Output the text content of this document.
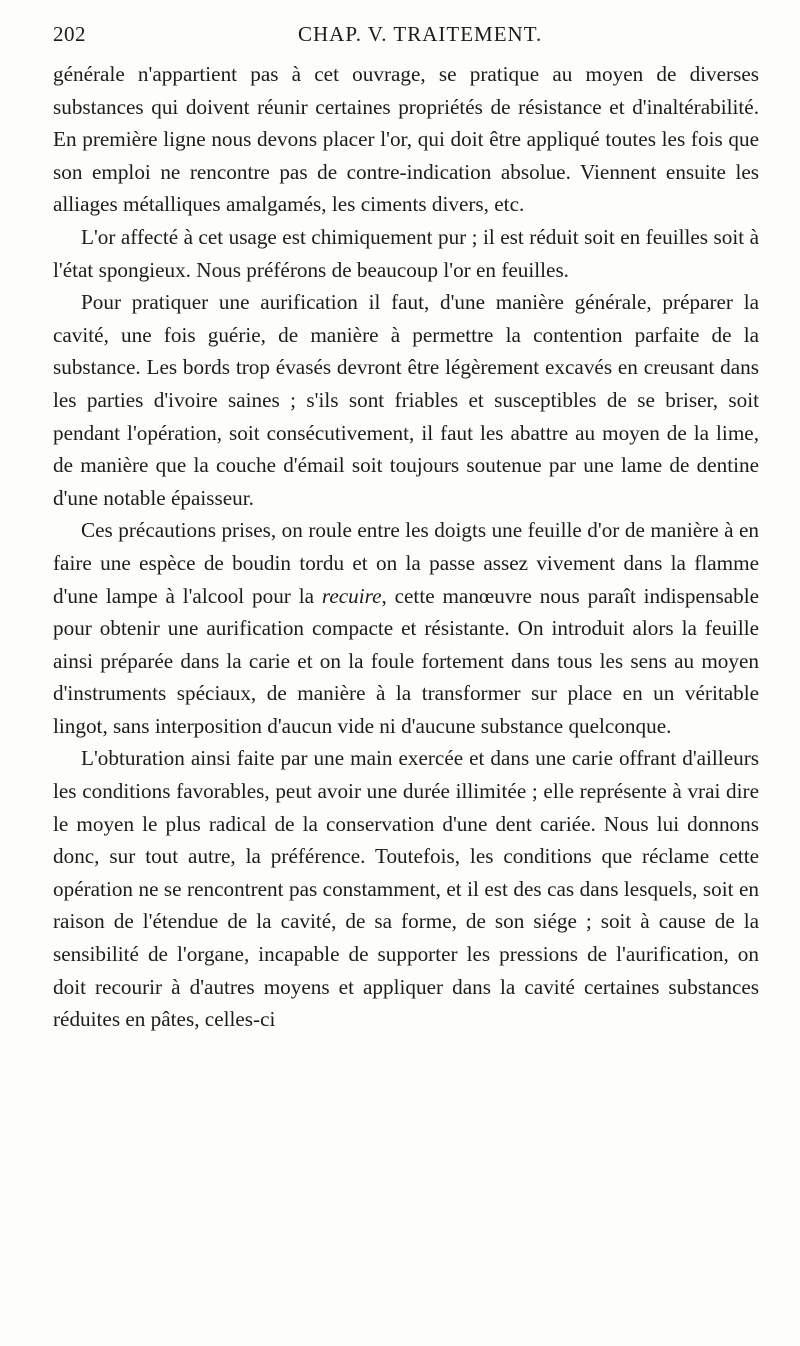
202	CHAP. V. TRAITEMENT.

générale n'appartient pas à cet ouvrage, se pratique au moyen de diverses substances qui doivent réunir certaines propriétés de résistance et d'inaltérabilité. En première ligne nous devons placer l'or, qui doit être appliqué toutes les fois que son emploi ne rencontre pas de contre-indication absolue. Viennent ensuite les alliages métalliques amalgamés, les ciments divers, etc.

L'or affecté à cet usage est chimiquement pur ; il est réduit soit en feuilles soit à l'état spongieux. Nous préférons de beaucoup l'or en feuilles.

Pour pratiquer une aurification il faut, d'une manière générale, préparer la cavité, une fois guérie, de manière à permettre la contention parfaite de la substance. Les bords trop évasés devront être légèrement excavés en creusant dans les parties d'ivoire saines ; s'ils sont friables et susceptibles de se briser, soit pendant l'opération, soit consécutivement, il faut les abattre au moyen de la lime, de manière que la couche d'émail soit toujours soutenue par une lame de dentine d'une notable épaisseur.

Ces précautions prises, on roule entre les doigts une feuille d'or de manière à en faire une espèce de boudin tordu et on la passe assez vivement dans la flamme d'une lampe à l'alcool pour la recuire, cette manœuvre nous paraît indispensable pour obtenir une aurification compacte et résistante. On introduit alors la feuille ainsi préparée dans la carie et on la foule fortement dans tous les sens au moyen d'instruments spéciaux, de manière à la transformer sur place en un véritable lingot, sans interposition d'aucun vide ni d'aucune substance quelconque.

L'obturation ainsi faite par une main exercée et dans une carie offrant d'ailleurs les conditions favorables, peut avoir une durée illimitée ; elle représente à vrai dire le moyen le plus radical de la conservation d'une dent cariée. Nous lui donnons donc, sur tout autre, la préférence. Toutefois, les conditions que réclame cette opération ne se rencontrent pas constamment, et il est des cas dans lesquels, soit en raison de l'étendue de la cavité, de sa forme, de son siége ; soit à cause de la sensibilité de l'organe, incapable de supporter les pressions de l'aurification, on doit recourir à d'autres moyens et appliquer dans la cavité certaines substances réduites en pâtes, celles-ci
